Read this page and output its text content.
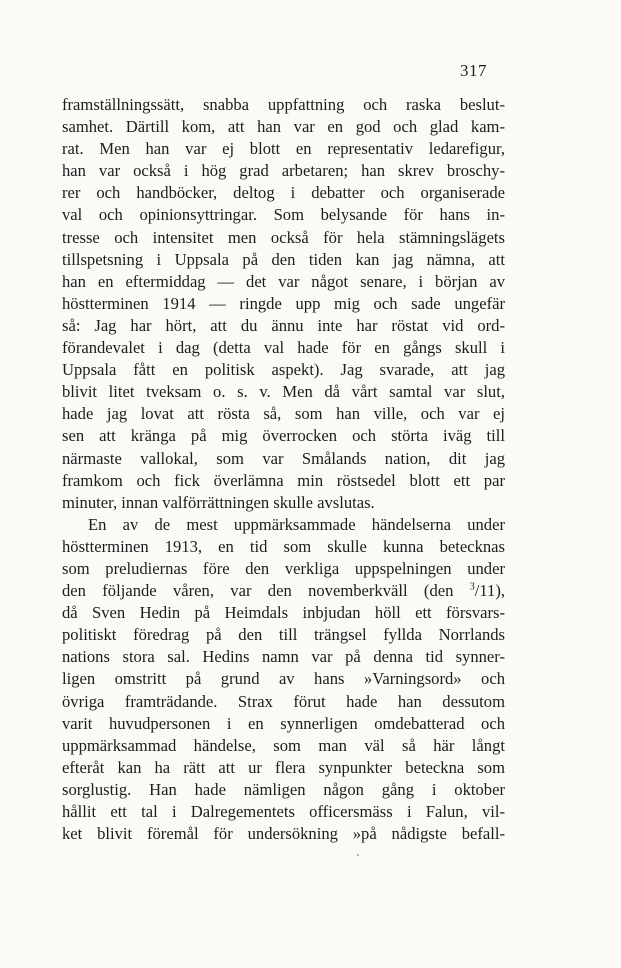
317
framställningssätt, snabba uppfattning och raska beslut-
samhet. Därtill kom, att han var en god och glad kam-
rat. Men han var ej blott en representativ ledarefigur,
han var också i hög grad arbetaren; han skrev broschy-
rer och handböcker, deltog i debatter och organiserade
val och opinionsyttringar. Som belysande för hans in-
tresse och intensitet men också för hela stämningslägets
tillspetsning i Uppsala på den tiden kan jag nämna, att
han en eftermiddag — det var något senare, i början av
höstterminen 1914 — ringde upp mig och sade ungefär
så: Jag har hört, att du ännu inte har röstat vid ord-
förandevalet i dag (detta val hade för en gångs skull i
Uppsala fått en politisk aspekt). Jag svarade, att jag
blivit litet tveksam o. s. v. Men då vårt samtal var slut,
hade jag lovat att rösta så, som han ville, och var ej
sen att kränga på mig överrocken och störta iväg till
närmaste vallokal, som var Smålands nation, dit jag
framkom och fick överlämna min röstsedel blott ett par
minuter, innan valförrättningen skulle avslutas.
En av de mest uppmärksammade händelserna under
höstterminen 1913, en tid som skulle kunna betecknas
som preludiernas före den verkliga uppspelningen under
den följande våren, var den novemberkväll (den $^3$/11),
då Sven Hedin på Heimdals inbjudan höll ett försvars-
politiskt föredrag på den till trängsel fyllda Norrlands
nations stora sal. Hedins namn var på denna tid synner-
ligen omstritt på grund av hans »Varningsord» och
övriga framträdande. Strax förut hade han dessutom
varit huvudpersonen i en synnerligen omdebatterad och
uppmärksammad händelse, som man väl så här långt
efteråt kan ha rätt att ur flera synpunkter beteckna som
sorglustig. Han hade nämligen någon gång i oktober
hållit ett tal i Dalregementets officersmäss i Falun, vil-
ket blivit föremål för undersökning »på nådigste befall-
